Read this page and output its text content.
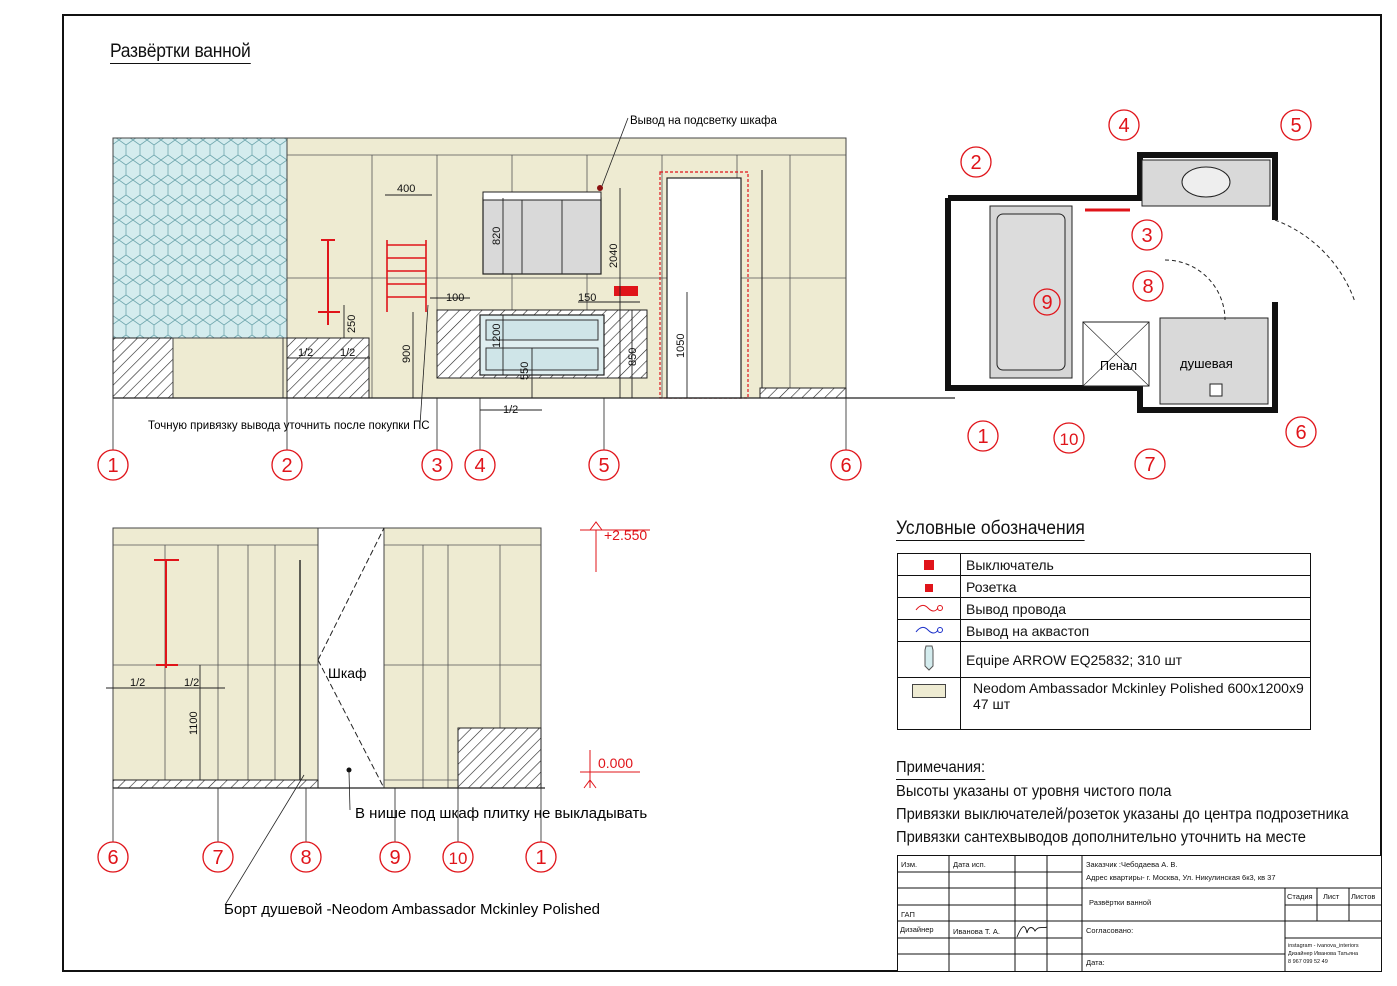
Развёртки ванной
400
820
2040
100	150
250
900
1200
550
850	1050
1/2 1/2
1/2
Вывод на подсветку шкафа
Точную привязку вывода уточнить после покупки ПС
1	2	3 4	5	6
Пенал	душевая
1
2
3
4	5
6
7
8
9
10
1/2	1/2
1100
Шкаф
В нише под шкаф плитку не выкладывать
Борт душевой -Neodom Ambassador Mckinley Polished
+2.550
0.000
6	7	8	9	10	1
Условные обозначения
	Выключатель
	Розетка
	Вывод провода
	Вывод на аквастоп
	Equipe ARROW EQ25832; 310 шт

	Neodom Ambassador Mckinley Polished 600x1200x9
47 шт
Примечания:
Высоты указаны от уровня чистого пола
Привязки выключателей/розеток указаны до центра подрозетника
Привязки сантехвыводов дополнительно уточнить на месте
Изм.	Дата исп.	Заказчик :Чебодаева А. В.
Адрес квартиры- г. Москва, Ул. Никулинская 6к3, кв 37
Развёртки ванной
Стадия Лист Листов
ГАП
Дизайнер	Иванова Т. А.	Согласовано:
Дата:
instagram - ivanova_interiors
Дизайнер Иванова Татьяна
8 967 099 52 49
